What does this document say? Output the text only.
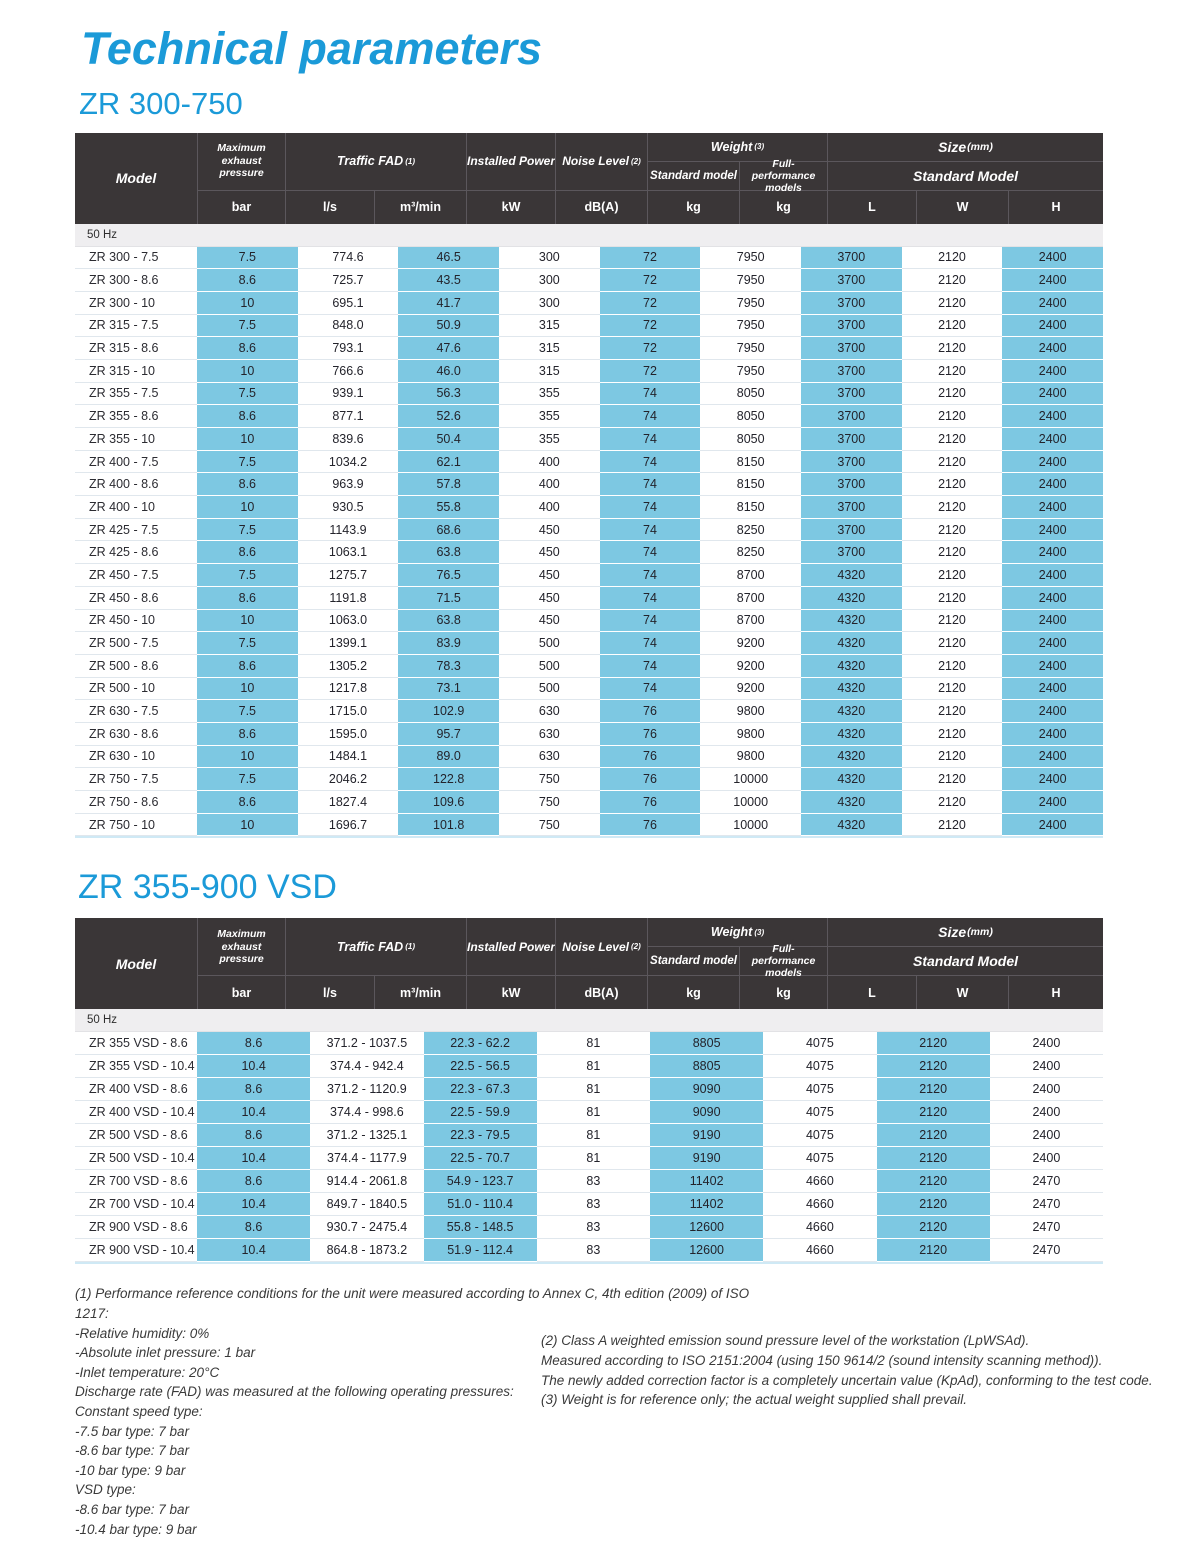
Technical parameters
ZR 300-750
Model
Maximum exhaust pressure
Traffic FAD (1)	Installed Power Noise Level (2)
Weight (3)
Standard model
Full-performance models
Size (mm)
Standard Model
bar	l/s	m³/min	kW	dB(A)	kg	kg	L	W	H
50 Hz
ZR 300 - 7.5	7.5	774.6	46.5	300	72	7950	3700	2120	2400
ZR 300 - 8.6	8.6	725.7	43.5	300	72	7950	3700	2120	2400
ZR 300 - 10	10	695.1	41.7	300	72	7950	3700	2120	2400
ZR 315 - 7.5	7.5	848.0	50.9	315	72	7950	3700	2120	2400
ZR 315 - 8.6	8.6	793.1	47.6	315	72	7950	3700	2120	2400
ZR 315 - 10	10	766.6	46.0	315	72	7950	3700	2120	2400
ZR 355 - 7.5	7.5	939.1	56.3	355	74	8050	3700	2120	2400
ZR 355 - 8.6	8.6	877.1	52.6	355	74	8050	3700	2120	2400
ZR 355 - 10	10	839.6	50.4	355	74	8050	3700	2120	2400
ZR 400 - 7.5	7.5	1034.2	62.1	400	74	8150	3700	2120	2400
ZR 400 - 8.6	8.6	963.9	57.8	400	74	8150	3700	2120	2400
ZR 400 - 10	10	930.5	55.8	400	74	8150	3700	2120	2400
ZR 425 - 7.5	7.5	1143.9	68.6	450	74	8250	3700	2120	2400
ZR 425 - 8.6	8.6	1063.1	63.8	450	74	8250	3700	2120	2400
ZR 450 - 7.5	7.5	1275.7	76.5	450	74	8700	4320	2120	2400
ZR 450 - 8.6	8.6	1191.8	71.5	450	74	8700	4320	2120	2400
ZR 450 - 10	10	1063.0	63.8	450	74	8700	4320	2120	2400
ZR 500 - 7.5	7.5	1399.1	83.9	500	74	9200	4320	2120	2400
ZR 500 - 8.6	8.6	1305.2	78.3	500	74	9200	4320	2120	2400
ZR 500 - 10	10	1217.8	73.1	500	74	9200	4320	2120	2400
ZR 630 - 7.5	7.5	1715.0	102.9	630	76	9800	4320	2120	2400
ZR 630 - 8.6	8.6	1595.0	95.7	630	76	9800	4320	2120	2400
ZR 630 - 10	10	1484.1	89.0	630	76	9800	4320	2120	2400
ZR 750 - 7.5	7.5	2046.2	122.8	750	76	10000	4320	2120	2400
ZR 750 - 8.6	8.6	1827.4	109.6	750	76	10000	4320	2120	2400
ZR 750 - 10	10	1696.7	101.8	750	76	10000	4320	2120	2400
ZR 355-900 VSD
Model
Maximum exhaust pressure
Traffic FAD (1)	Installed Power Noise Level (2)
Weight (3)
Standard model
Full-performance models
Size (mm)
Standard Model
bar	l/s	m³/min	kW	dB(A)	kg	kg	L	W	H
50 Hz
ZR 355 VSD - 8.6	8.6	371.2 - 1037.5	22.3 - 62.2	81	8805	4075	2120	2400
ZR 355 VSD - 10.4	10.4	374.4 - 942.4	22.5 - 56.5	81	8805	4075	2120	2400
ZR 400 VSD - 8.6	8.6	371.2 - 1120.9	22.3 - 67.3	81	9090	4075	2120	2400
ZR 400 VSD - 10.4	10.4	374.4 - 998.6	22.5 - 59.9	81	9090	4075	2120	2400
ZR 500 VSD - 8.6	8.6	371.2 - 1325.1	22.3 - 79.5	81	9190	4075	2120	2400
ZR 500 VSD - 10.4	10.4	374.4 - 1177.9	22.5 - 70.7	81	9190	4075	2120	2400
ZR 700 VSD - 8.6	8.6	914.4 - 2061.8	54.9 - 123.7	83	11402	4660	2120	2470
ZR 700 VSD - 10.4	10.4	849.7 - 1840.5	51.0 - 110.4	83	11402	4660	2120	2470
ZR 900 VSD - 8.6	8.6	930.7 - 2475.4	55.8 - 148.5	83	12600	4660	2120	2470
ZR 900 VSD - 10.4	10.4	864.8 - 1873.2	51.9 - 112.4	83	12600	4660	2120	2470
(1) Performance reference conditions for the unit were measured according to Annex C, 4th edition (2009) of ISO 1217:
-Relative humidity: 0%
-Absolute inlet pressure: 1 bar
-Inlet temperature: 20°C
Discharge rate (FAD) was measured at the following operating pressures:
Constant speed type:
-7.5 bar type: 7 bar
-8.6 bar type: 7 bar
-10 bar type: 9 bar
VSD type:
-8.6 bar type: 7 bar
-10.4 bar type: 9 bar
(2) Class A weighted emission sound pressure level of the workstation (LpWSAd).
Measured according to ISO 2151:2004 (using 150 9614/2 (sound intensity scanning method)).
The newly added correction factor is a completely uncertain value (KpAd), conforming to the test code.
(3) Weight is for reference only; the actual weight supplied shall prevail.
